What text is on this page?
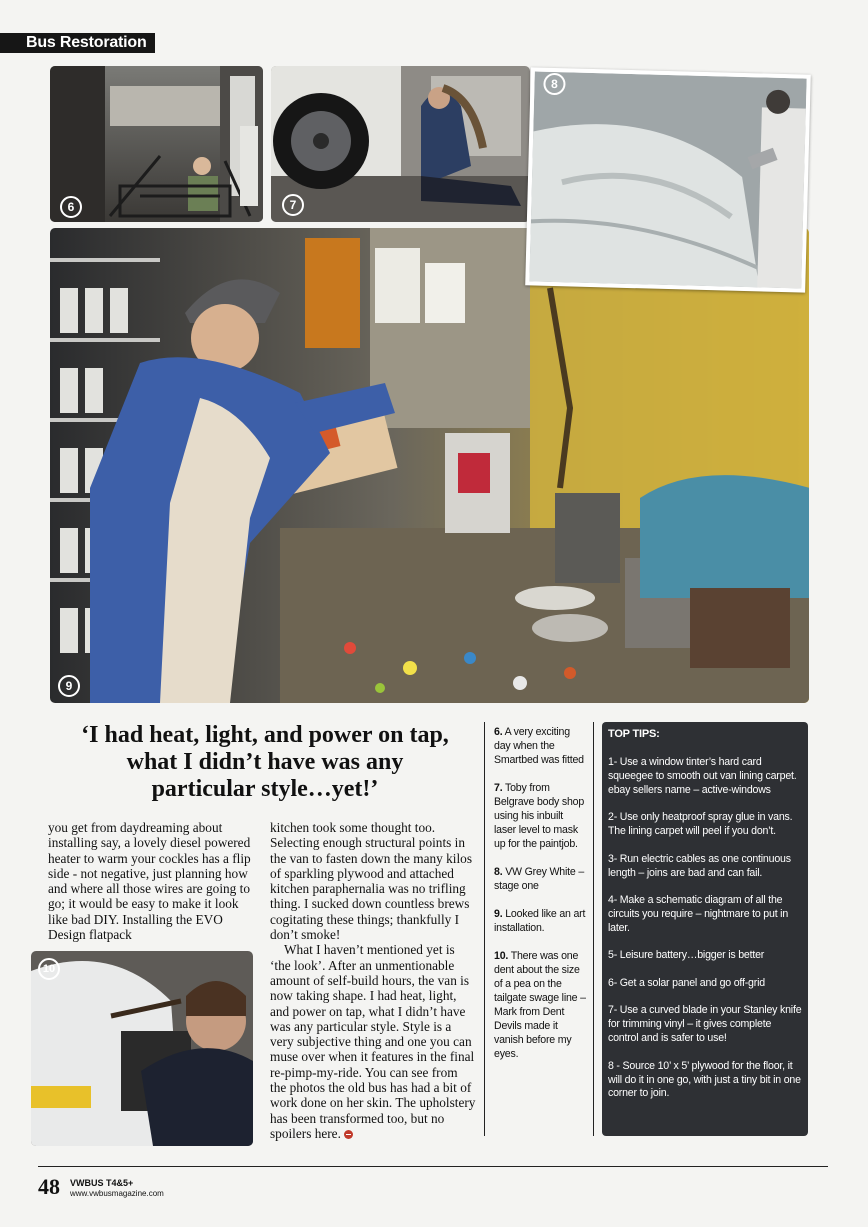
Bus Restoration
6	7
9
8
‘I had heat, light, and power on tap, what I didn’t have was any particular style…yet!’
you get from daydreaming about installing say, a lovely diesel powered heater to warm your cockles has a flip side - not negative, just planning how and where all those wires are going to go; it would be easy to make it look like bad DIY. Installing the EVO Design flatpack
kitchen took some thought too. Selecting enough structural points in the van to fasten down the many kilos of sparkling plywood and attached kitchen paraphernalia was no trifling thing. I sucked down countless brews cogitating these things; thankfully I don’t smoke!
What I haven’t mentioned yet is ‘the look’. After an unmentionable amount of self-build hours, the van is now taking shape. I had heat, light, and power on tap, what I didn’t have was any particular style. Style is a very subjective thing and one you can muse over when it features in the final re-pimp-my-ride. You can see from the photos the old bus has had a bit of work done on her skin. The upholstery has been transformed too, but no spoilers here.
10

6. A very exciting day when the Smartbed was fitted

7. Toby from Belgrave body shop using his inbuilt laser level to mask up for the paintjob.

8. VW Grey White – stage one

9. Looked like an art installation.

10. There was one dent about the size of a pea on the tailgate swage line – Mark from Dent Devils made it vanish before my eyes.

TOP TIPS:

1- Use a window tinter’s hard card squeegee to smooth out van lining carpet. ebay sellers name – active-windows

2- Use only heatproof spray glue in vans. The lining carpet will peel if you don’t.

3- Run electric cables as one continuous length – joins are bad and can fail.

4- Make a schematic diagram of all the circuits you require – nightmare to put in later.

5- Leisure battery…bigger is better

6- Get a solar panel and go off-grid

7- Use a curved blade in your Stanley knife for trimming vinyl – it gives complete control and is safer to use!

8 - Source 10’ x 5’ plywood for the floor, it will do it in one go, with just a tiny bit in one corner to join.

48 VWBUS T4&5+
www.vwbusmagazine.com
